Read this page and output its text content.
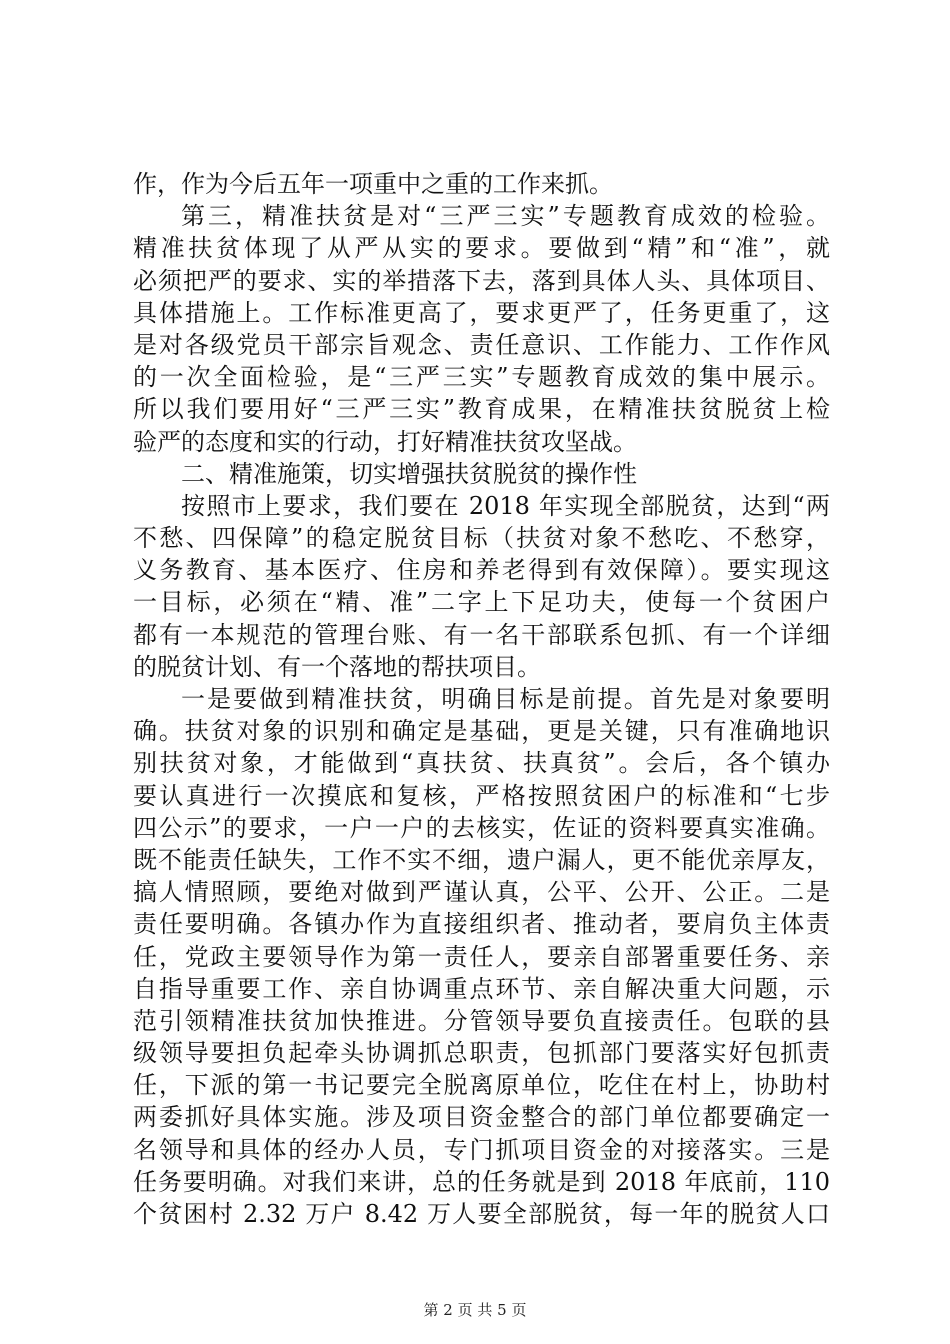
作，作为今后五年一项重中之重的工作来抓。
第三，精准扶贫是对“三严三实”专题教育成效的检验。
精准扶贫体现了从严从实的要求。要做到“精”和“准”，就
必须把严的要求、实的举措落下去，落到具体人头、具体项目、
具体措施上。工作标准更高了，要求更严了，任务更重了，这
是对各级党员干部宗旨观念、责任意识、工作能力、工作作风
的一次全面检验，是“三严三实”专题教育成效的集中展示。
所以我们要用好“三严三实”教育成果，在精准扶贫脱贫上检
验严的态度和实的行动，打好精准扶贫攻坚战。
二、精准施策，切实增强扶贫脱贫的操作性
按照市上要求，我们要在 2018 年实现全部脱贫，达到“两
不愁、四保障”的稳定脱贫目标（扶贫对象不愁吃、不愁穿，
义务教育、基本医疗、住房和养老得到有效保障）。要实现这
一目标，必须在“精、准”二字上下足功夫，使每一个贫困户
都有一本规范的管理台账、有一名干部联系包抓、有一个详细
的脱贫计划、有一个落地的帮扶项目。
一是要做到精准扶贫，明确目标是前提。首先是对象要明
确。扶贫对象的识别和确定是基础，更是关键，只有准确地识
别扶贫对象，才能做到“真扶贫、扶真贫”。会后，各个镇办
要认真进行一次摸底和复核，严格按照贫困户的标准和“七步
四公示”的要求，一户一户的去核实，佐证的资料要真实准确。
既不能责任缺失，工作不实不细，遗户漏人，更不能优亲厚友，
搞人情照顾，要绝对做到严谨认真，公平、公开、公正。二是
责任要明确。各镇办作为直接组织者、推动者，要肩负主体责
任，党政主要领导作为第一责任人，要亲自部署重要任务、亲
自指导重要工作、亲自协调重点环节、亲自解决重大问题，示
范引领精准扶贫加快推进。分管领导要负直接责任。包联的县
级领导要担负起牵头协调抓总职责，包抓部门要落实好包抓责
任，下派的第一书记要完全脱离原单位，吃住在村上，协助村
两委抓好具体实施。涉及项目资金整合的部门单位都要确定一
名领导和具体的经办人员，专门抓项目资金的对接落实。三是
任务要明确。对我们来讲，总的任务就是到 2018 年底前，110
个贫困村 2.32 万户 8.42 万人要全部脱贫，每一年的脱贫人口
第 2 页 共 5 页
